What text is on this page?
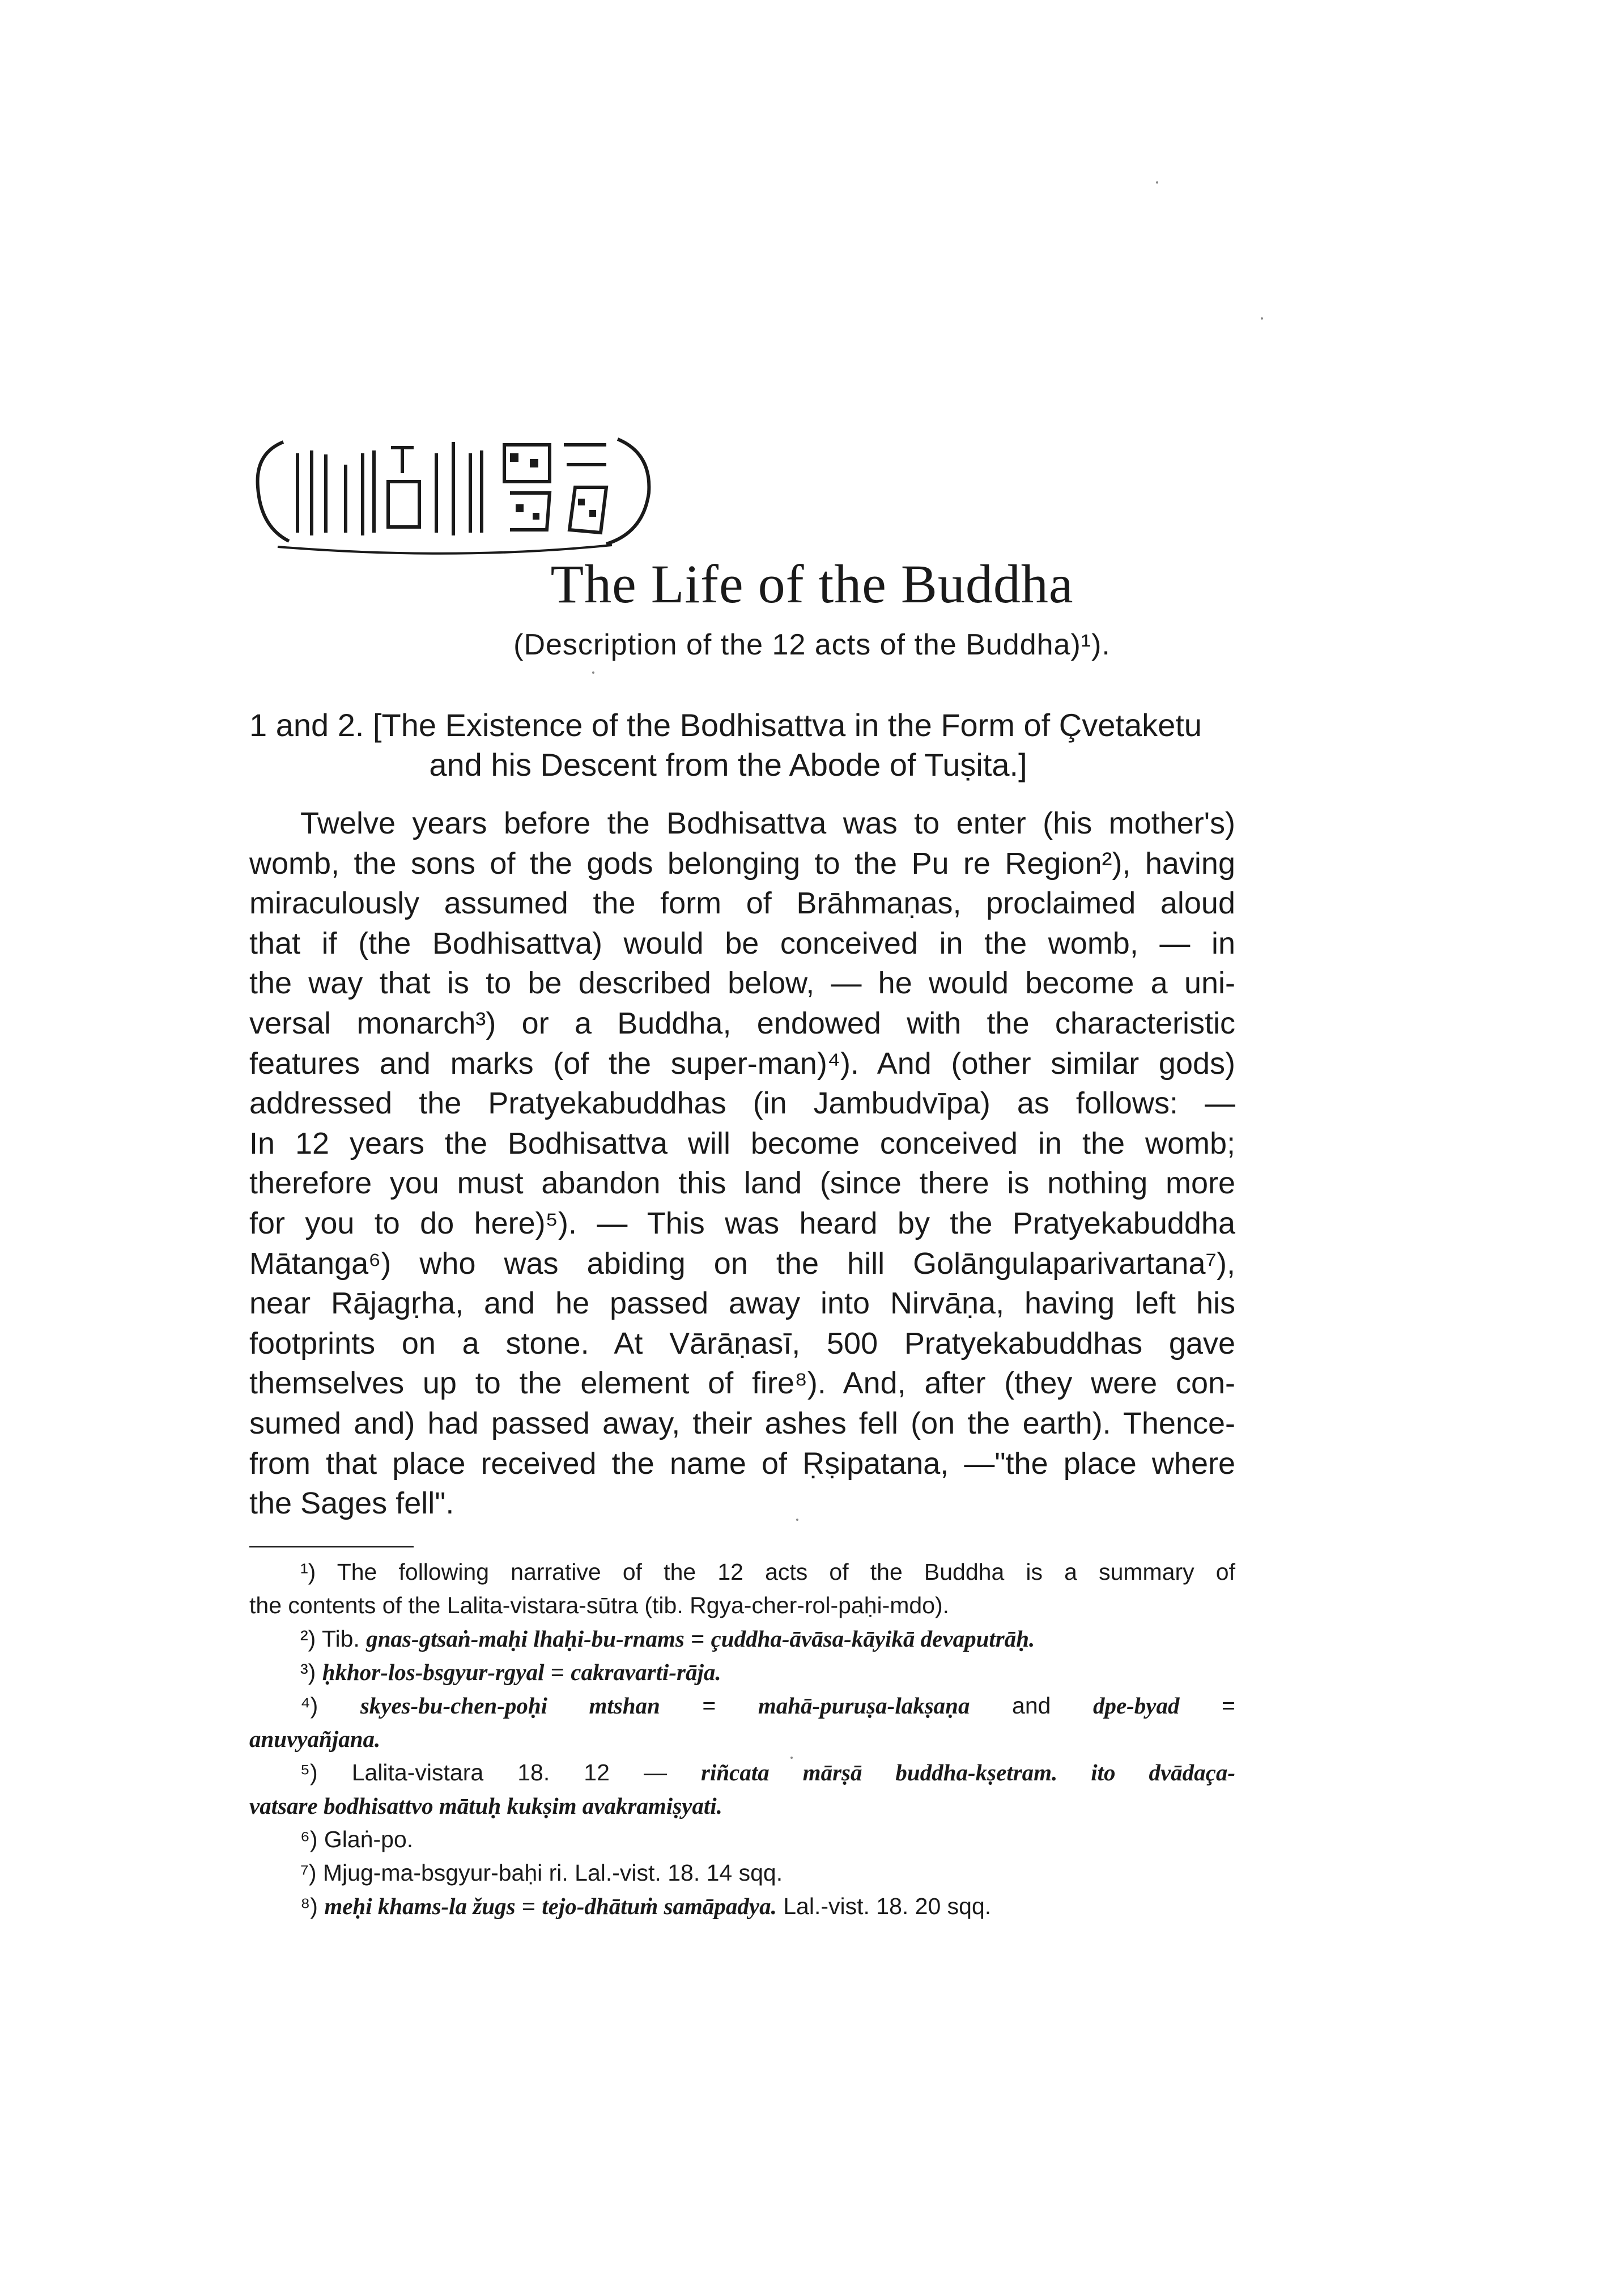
The Life of the Buddha
(Description of the 12 acts of the Buddha)¹).
1 and 2. [The Existence of the Bodhisattva in the Form of Çvetaketu
and his Descent from the Abode of Tuṣita.]
Twelve years before the Bodhisattva was to enter (his mother's)
womb, the sons of the gods belonging to the Pu re Region²), having
miraculously assumed the form of Brāhmaṇas, proclaimed aloud
that if (the Bodhisattva) would be conceived in the womb, — in
the way that is to be described below, — he would become a uni-
versal monarch³) or a Buddha, endowed with the characteristic
features and marks (of the super-man)⁴). And (other similar gods)
addressed the Pratyekabuddhas (in Jambudvīpa) as follows: —
In 12 years the Bodhisattva will become conceived in the womb;
therefore you must abandon this land (since there is nothing more
for you to do here)⁵). — This was heard by the Pratyekabuddha
Mātanga⁶) who was abiding on the hill Golāngulaparivartana⁷),
near Rājagṛha, and he passed away into Nirvāṇa, having left his
footprints on a stone. At Vārāṇasī, 500 Pratyekabuddhas gave
themselves up to the element of fire⁸). And, after (they were con-
sumed and) had passed away, their ashes fell (on the earth). Thence-
from that place received the name of Ṛṣipatana, —"the place where
the Sages fell".
¹) The following narrative of the 12 acts of the Buddha is a summary of
the contents of the Lalita-vistara-sūtra (tib. Rgya-cher-rol-paḥi-mdo).
²) Tib. gnas-gtsaṅ-maḥi lhaḥi-bu-rnams = çuddha-āvāsa-kāyikā devaputrāḥ.
³) ḥkhor-los-bsgyur-rgyal = cakravarti-rāja.
⁴) skyes-bu-chen-poḥi mtshan = mahā-puruṣa-lakṣaṇa and dpe-byad =
anuvyañjana.
⁵) Lalita-vistara 18. 12 — riñcata mārṣā buddha-kṣetram. ito dvādaça-
vatsare bodhisattvo mātuḥ kukṣim avakramiṣyati.
⁶) Glaṅ-po.
⁷) Mjug-ma-bsgyur-baḥi ri. Lal.-vist. 18. 14 sqq.
⁸) meḥi khams-la žugs = tejo-dhātuṁ samāpadya. Lal.-vist. 18. 20 sqq.
